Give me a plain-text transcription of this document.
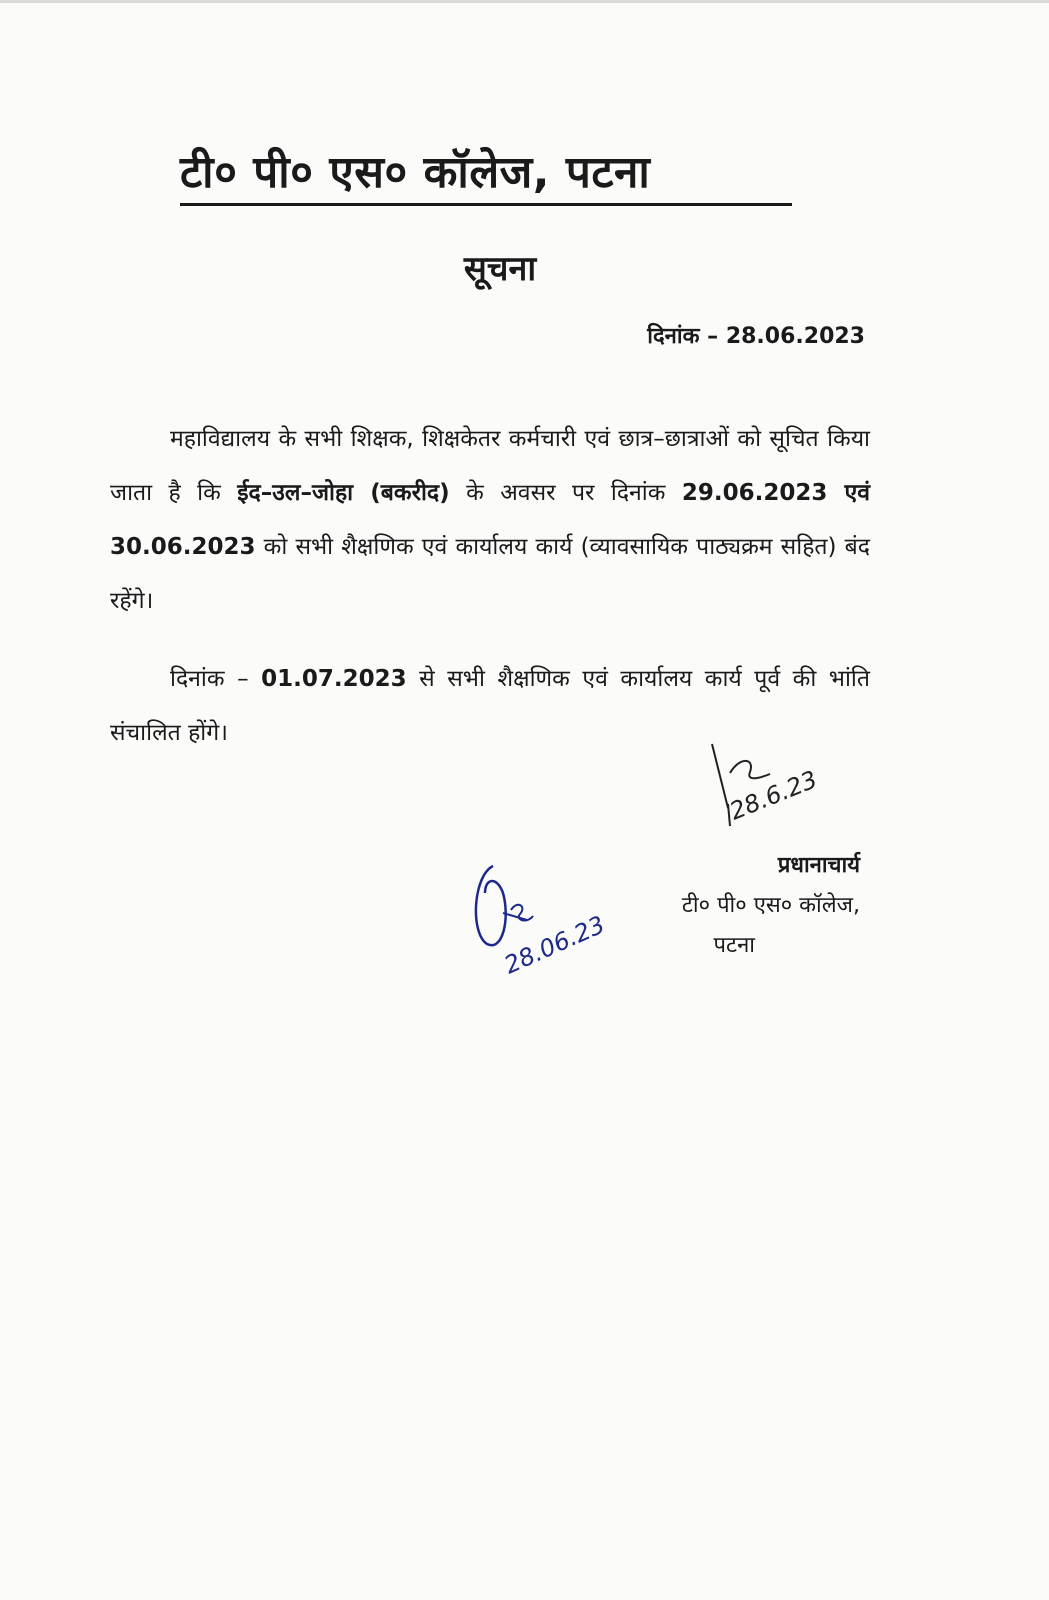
टी० पी० एस० कॉलेज, पटना
सूचना
दिनांक – 28.06.2023

महाविद्यालय के सभी शिक्षक, शिक्षकेतर कर्मचारी एवं छात्र–छात्राओं को सूचित किया जाता है कि ईद–उल–जोहा (बकरीद) के अवसर पर दिनांक 29.06.2023 एवं 30.06.2023 को सभी शैक्षणिक एवं कार्यालय कार्य (व्यावसायिक पाठ्यक्रम सहित) बंद रहेंगे।

दिनांक – 01.07.2023 से सभी शैक्षणिक एवं कार्यालय कार्य पूर्व की भांति संचालित होंगे।

28.6.23
28.06.23
प्रधानाचार्य
टी० पी० एस० कॉलेज,
पटना
